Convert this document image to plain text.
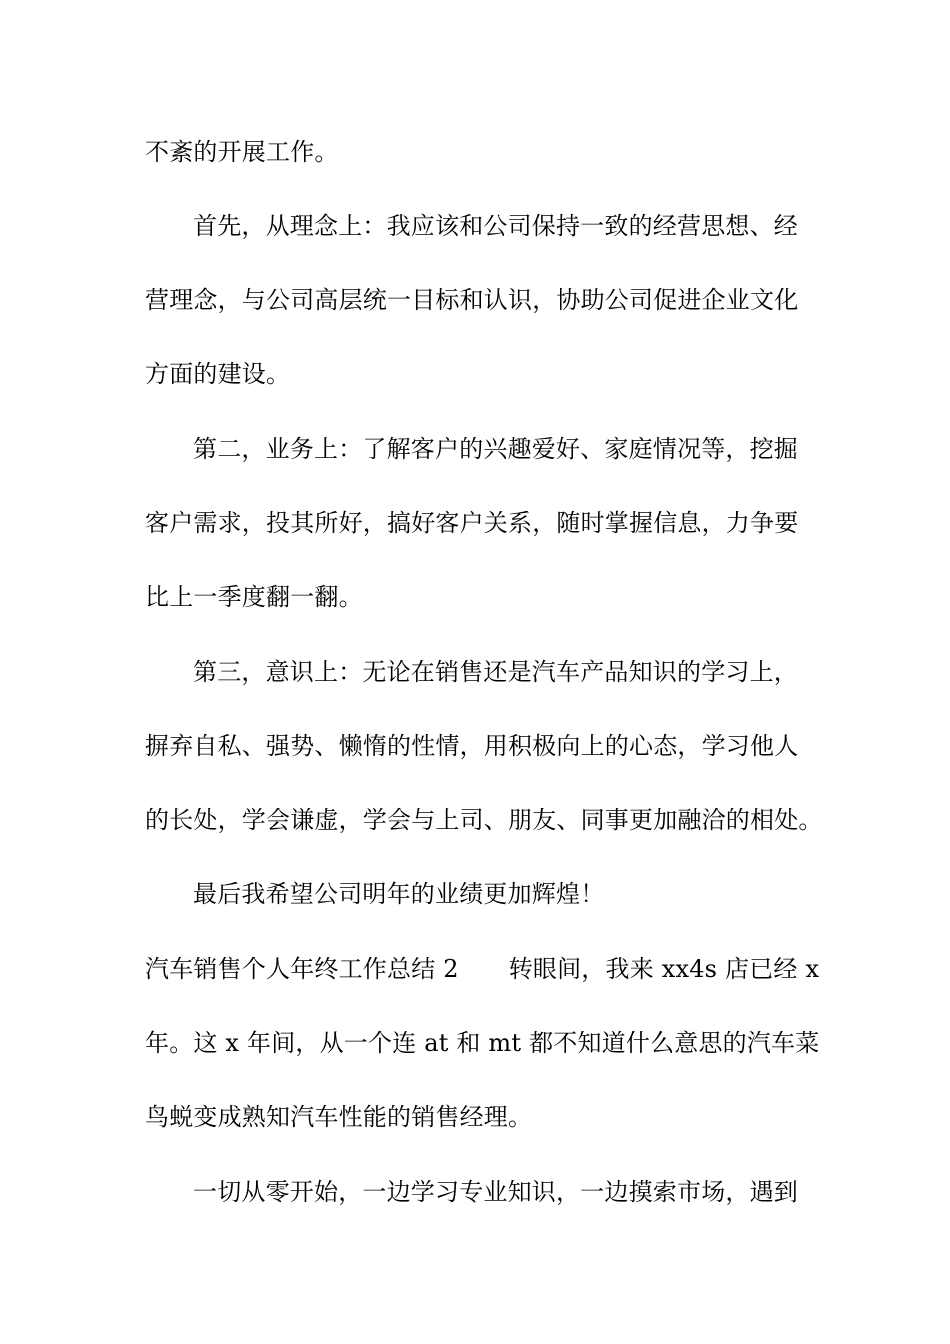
不紊的开展工作。
首先，从理念上：我应该和公司保持一致的经营思想、经
营理念，与公司高层统一目标和认识，协助公司促进企业文化
方面的建设。
第二，业务上：了解客户的兴趣爱好、家庭情况等，挖掘
客户需求，投其所好，搞好客户关系，随时掌握信息，力争要
比上一季度翻一翻。
第三，意识上：无论在销售还是汽车产品知识的学习上，
摒弃自私、强势、懒惰的性情，用积极向上的心态，学习他人
的长处，学会谦虚，学会与上司、朋友、同事更加融洽的相处。
最后我希望公司明年的业绩更加辉煌！
汽车销售个人年终工作总结 2 转眼间，我来 xx4s 店已经 x
年。这 x 年间，从一个连 at 和 mt 都不知道什么意思的汽车菜
鸟蜕变成熟知汽车性能的销售经理。
一切从零开始，一边学习专业知识，一边摸索市场，遇到
